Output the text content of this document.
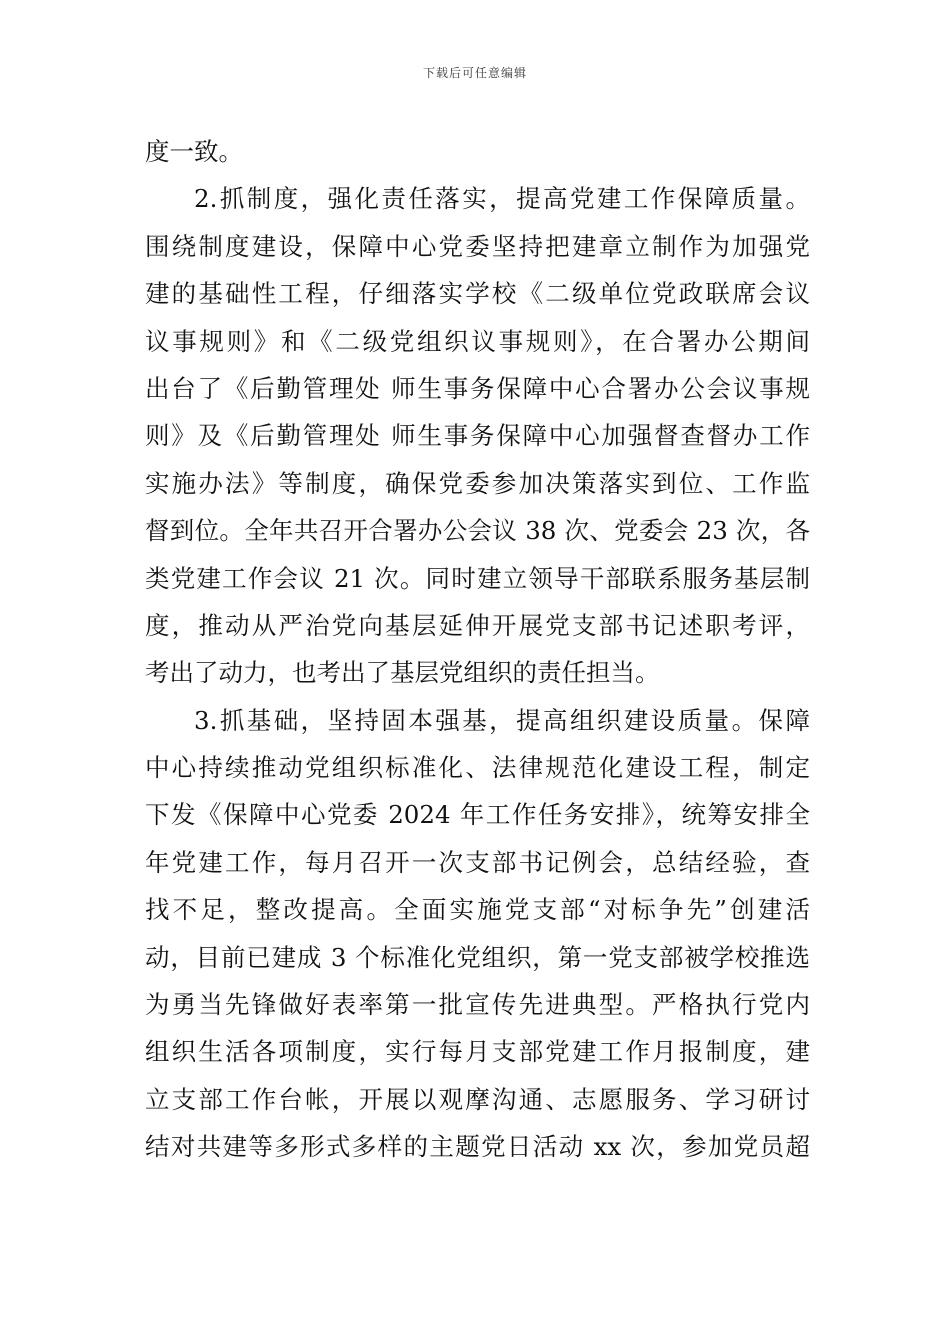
下载后可任意编辑
度一致。
2.抓制度，强化责任落实，提高党建工作保障质量。
围绕制度建设，保障中心党委坚持把建章立制作为加强党
建的基础性工程，仔细落实学校《二级单位党政联席会议
议事规则》和《二级党组织议事规则》，在合署办公期间
出台了《后勤管理处 师生事务保障中心合署办公会议事规
则》及《后勤管理处 师生事务保障中心加强督查督办工作
实施办法》等制度，确保党委参加决策落实到位、工作监
督到位。全年共召开合署办公会议 38 次、党委会 23 次，各
类党建工作会议 21 次。同时建立领导干部联系服务基层制
度，推动从严治党向基层延伸开展党支部书记述职考评，
考出了动力，也考出了基层党组织的责任担当。
3.抓基础，坚持固本强基，提高组织建设质量。保障
中心持续推动党组织标准化、法律规范化建设工程，制定
下发《保障中心党委 2024 年工作任务安排》，统筹安排全
年党建工作，每月召开一次支部书记例会，总结经验，查
找不足，整改提高。全面实施党支部“对标争先”创建活
动，目前已建成 3 个标准化党组织，第一党支部被学校推选
为勇当先锋做好表率第一批宣传先进典型。严格执行党内
组织生活各项制度，实行每月支部党建工作月报制度，建
立支部工作台帐，开展以观摩沟通、志愿服务、学习研讨
结对共建等多形式多样的主题党日活动 xx 次，参加党员超
